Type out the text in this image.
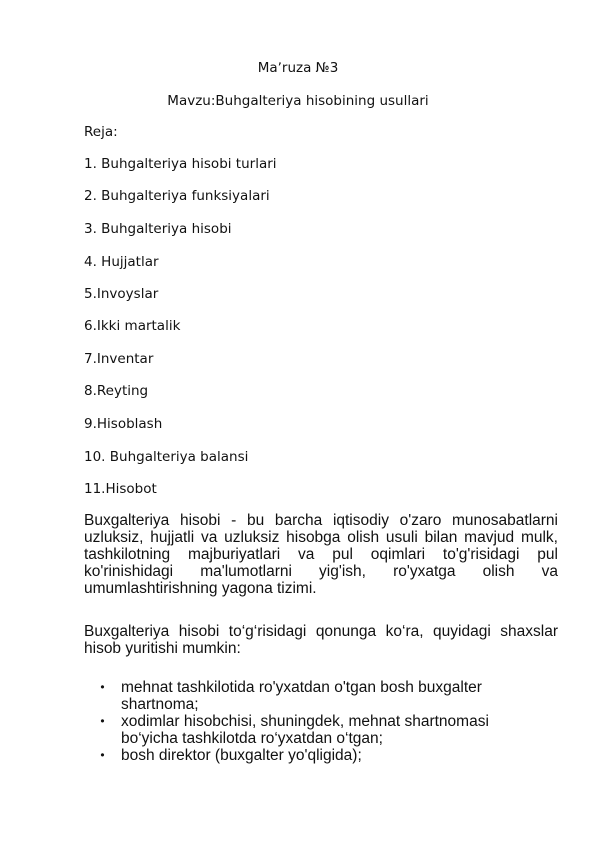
Maʼruza №3
Mavzu:Buhgalteriya hisobining usullari
Reja:
1. Buhgalteriya hisobi turlari
2. Buhgalteriya funksiyalari
3. Buhgalteriya hisobi
4. Hujjatlar
5.Invoyslar
6.Ikki martalik
7.Inventar
8.Reyting
9.Hisoblash
10. Buhgalteriya balansi
11.Hisobot
Buxgalteriya hisobi - bu barcha iqtisodiy o'zaro munosabatlarni
uzluksiz, hujjatli va uzluksiz hisobga olish usuli bilan mavjud mulk,
tashkilotning majburiyatlari va pul oqimlari to'g'risidagi pul
ko'rinishidagi ma'lumotlarni yig'ish, ro'yxatga olish va
umumlashtirishning yagona tizimi.
Buxgalteriya hisobi to‘g‘risidagi qonunga ko‘ra, quyidagi shaxslar
hisob yuritishi mumkin:
•	mehnat tashkilotida ro'yxatdan o'tgan bosh buxgalter
shartnoma;
•	xodimlar hisobchisi, shuningdek, mehnat shartnomasi
bo‘yicha tashkilotda ro‘yxatdan o‘tgan;
•	bosh direktor (buxgalter yo'qligida);
